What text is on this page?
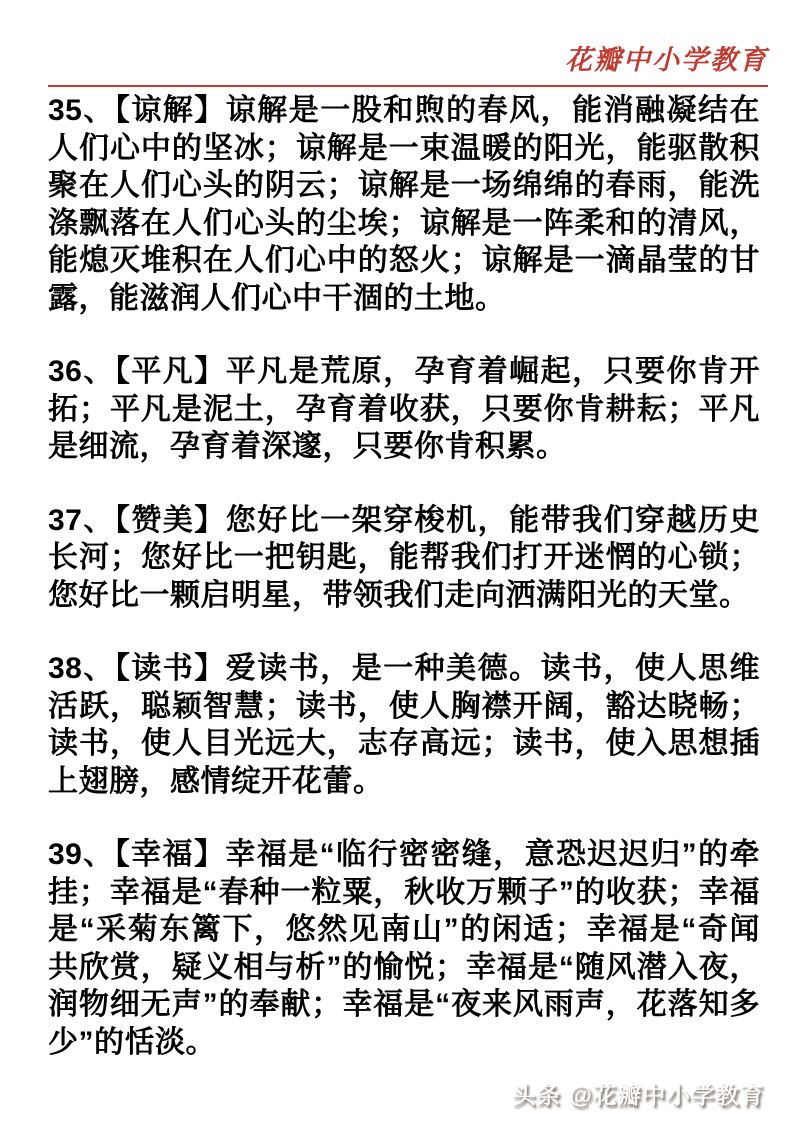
花瓣中小学教育

35、【谅解】谅解是一股和煦的春风，能消融凝结在人们心中的坚冰；谅解是一束温暖的阳光，能驱散积聚在人们心头的阴云；谅解是一场绵绵的春雨，能洗涤飘落在人们心头的尘埃；谅解是一阵柔和的清风，能熄灭堆积在人们心中的怒火；谅解是一滴晶莹的甘露，能滋润人们心中干涸的土地。

36、【平凡】平凡是荒原，孕育着崛起，只要你肯开拓；平凡是泥土，孕育着收获，只要你肯耕耘；平凡是细流，孕育着深邃，只要你肯积累。

37、【赞美】您好比一架穿梭机，能带我们穿越历史长河；您好比一把钥匙，能帮我们打开迷惘的心锁；您好比一颗启明星，带领我们走向洒满阳光的天堂。

38、【读书】爱读书，是一种美德。读书，使人思维活跃，聪颖智慧；读书，使人胸襟开阔，豁达晓畅；读书，使人目光远大，志存高远；读书，使入思想插上翅膀，感情绽开花蕾。

39、【幸福】幸福是“临行密密缝，意恐迟迟归”的牵挂；幸福是“春种一粒粟，秋收万颗子”的收获；幸福是“采菊东篱下，悠然见南山”的闲适；幸福是“奇闻共欣赏，疑义相与析”的愉悦；幸福是“随风潜入夜，润物细无声”的奉献；幸福是“夜来风雨声，花落知多少”的恬淡。

头条 @花瓣中小学教育
